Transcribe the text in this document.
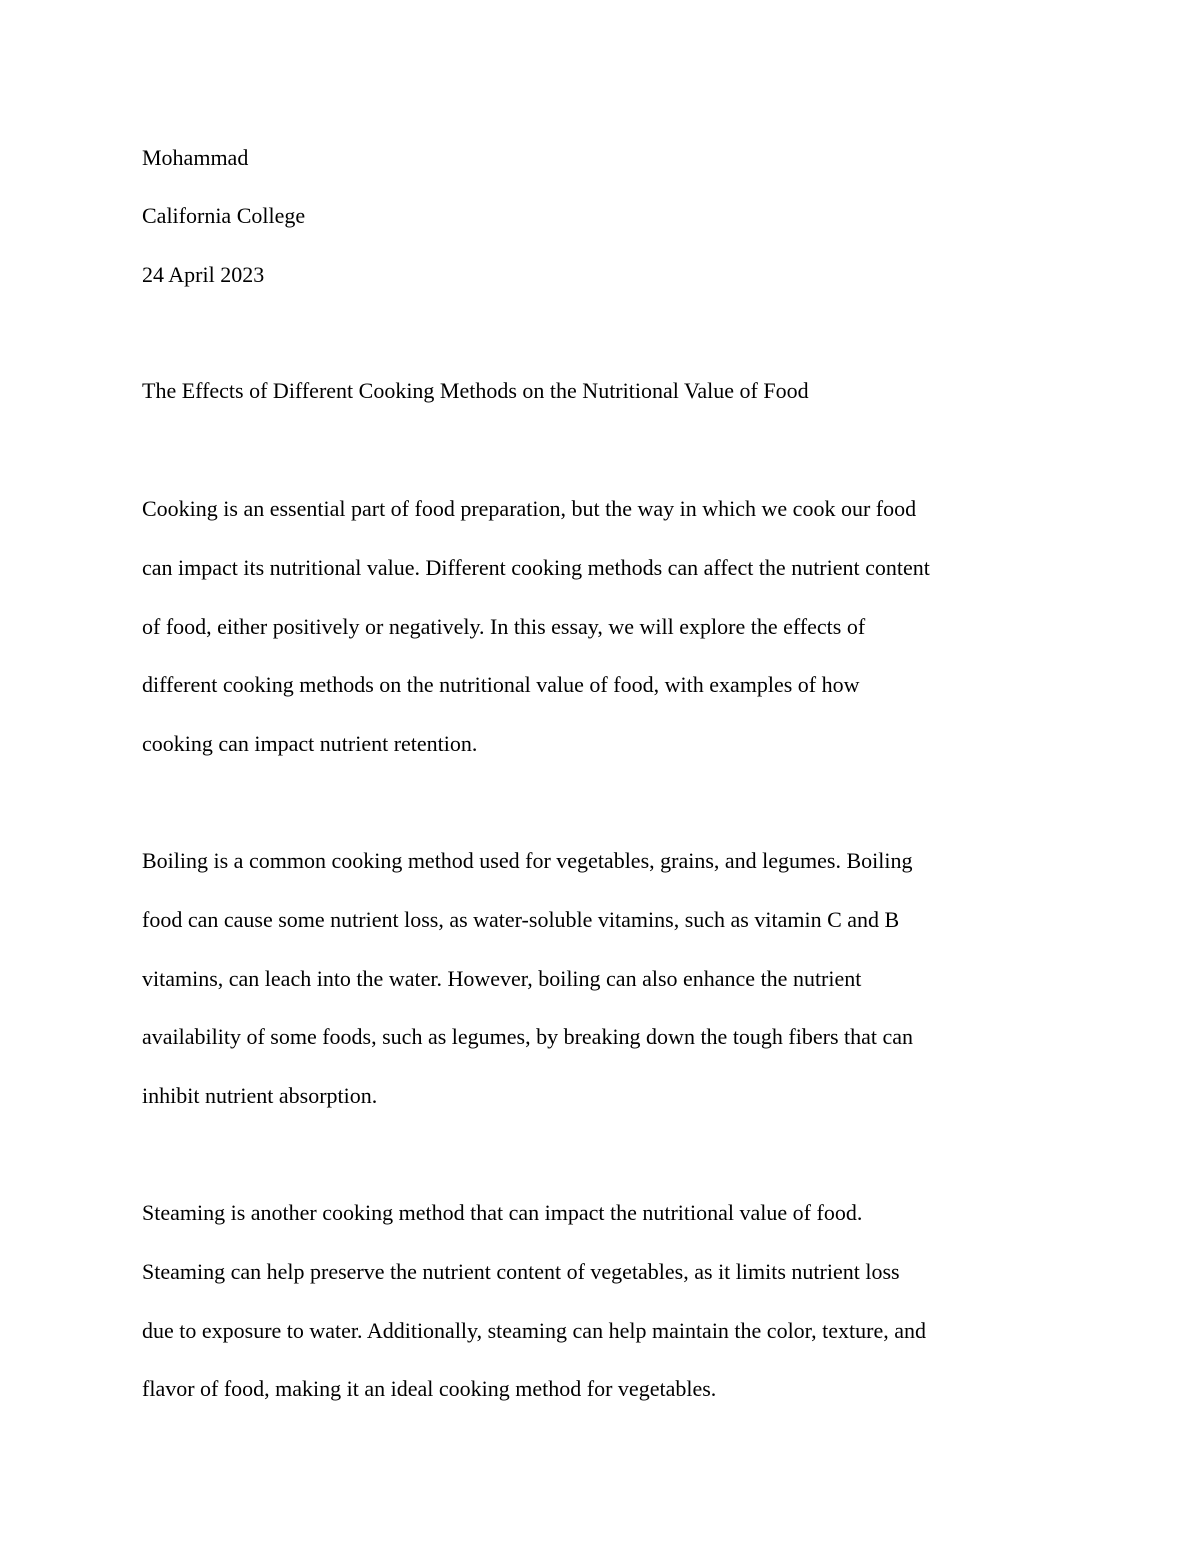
Mohammad

California College

24 April 2023

The Effects of Different Cooking Methods on the Nutritional Value of Food
Cooking is an essential part of food preparation, but the way in which we cook our food
can impact its nutritional value. Different cooking methods can affect the nutrient content
of food, either positively or negatively. In this essay, we will explore the effects of
different cooking methods on the nutritional value of food, with examples of how
cooking can impact nutrient retention.
Boiling is a common cooking method used for vegetables, grains, and legumes. Boiling
food can cause some nutrient loss, as water-soluble vitamins, such as vitamin C and B
vitamins, can leach into the water. However, boiling can also enhance the nutrient
availability of some foods, such as legumes, by breaking down the tough fibers that can
inhibit nutrient absorption.
Steaming is another cooking method that can impact the nutritional value of food.
Steaming can help preserve the nutrient content of vegetables, as it limits nutrient loss
due to exposure to water. Additionally, steaming can help maintain the color, texture, and
flavor of food, making it an ideal cooking method for vegetables.
